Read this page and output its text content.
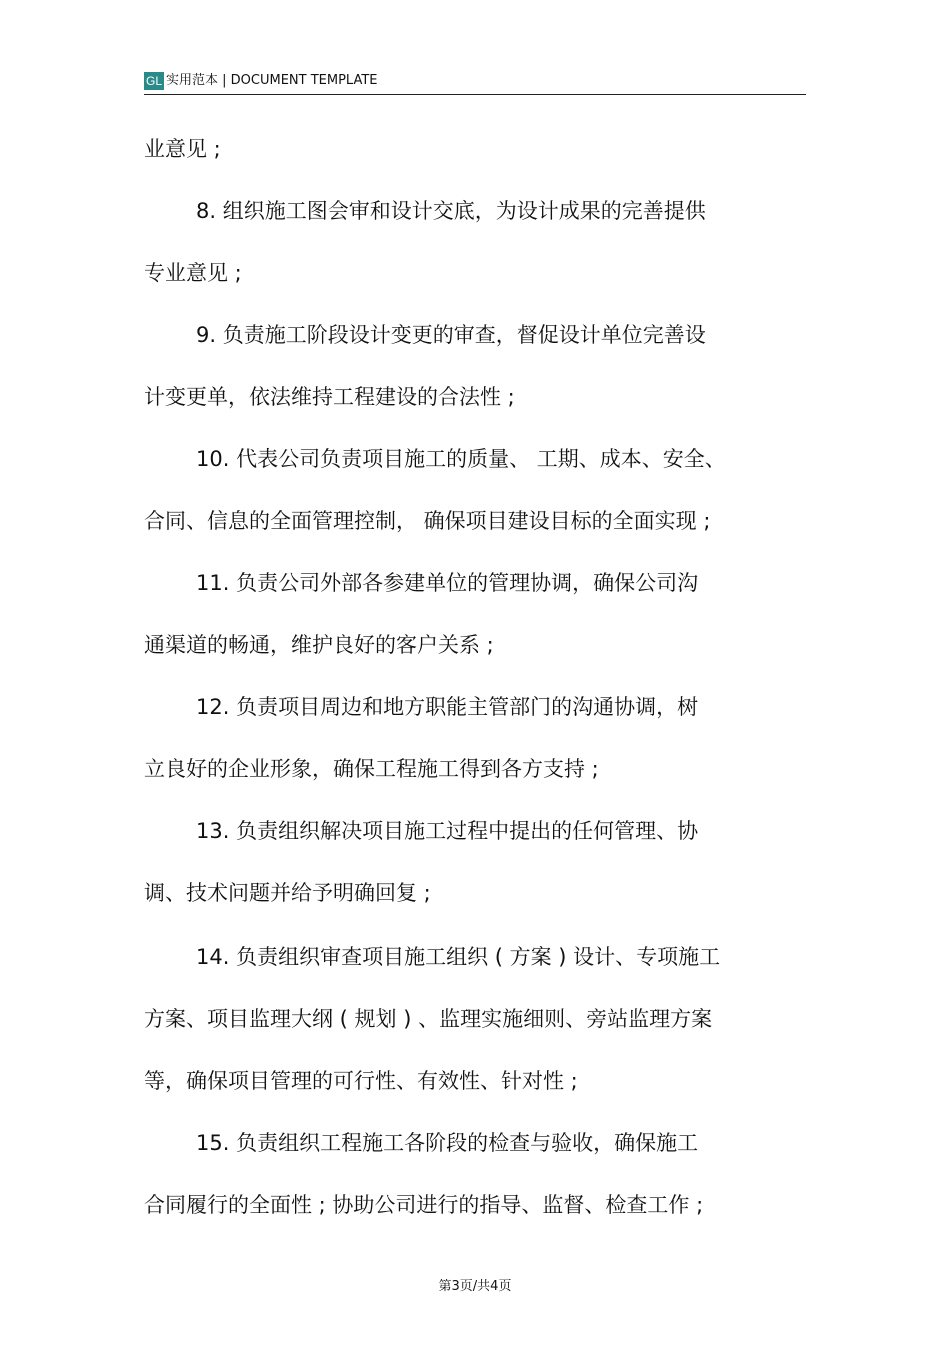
GL 实用范本 | DOCUMENT TEMPLATE
业意见 ;
8. 组织施工图会审和设计交底，为设计成果的完善提供
专业意见 ;
9. 负责施工阶段设计变更的审查，督促设计单位完善设
计变更单，依法维持工程建设的合法性 ;
10. 代表公司负责项目施工的质量、 工期、成本、安全、
合同、信息的全面管理控制， 确保项目建设目标的全面实现 ;
11. 负责公司外部各参建单位的管理协调，确保公司沟
通渠道的畅通，维护良好的客户关系 ;
12. 负责项目周边和地方职能主管部门的沟通协调，树
立良好的企业形象，确保工程施工得到各方支持 ;
13. 负责组织解决项目施工过程中提出的任何管理、协
调、技术问题并给予明确回复 ;
14. 负责组织审查项目施工组织 ( 方案 ) 设计、专项施工
方案、项目监理大纲 ( 规划 ) 、监理实施细则、旁站监理方案
等，确保项目管理的可行性、有效性、针对性 ;
15. 负责组织工程施工各阶段的检查与验收，确保施工
合同履行的全面性 ; 协助公司进行的指导、监督、检查工作 ;
第3页/共4页
